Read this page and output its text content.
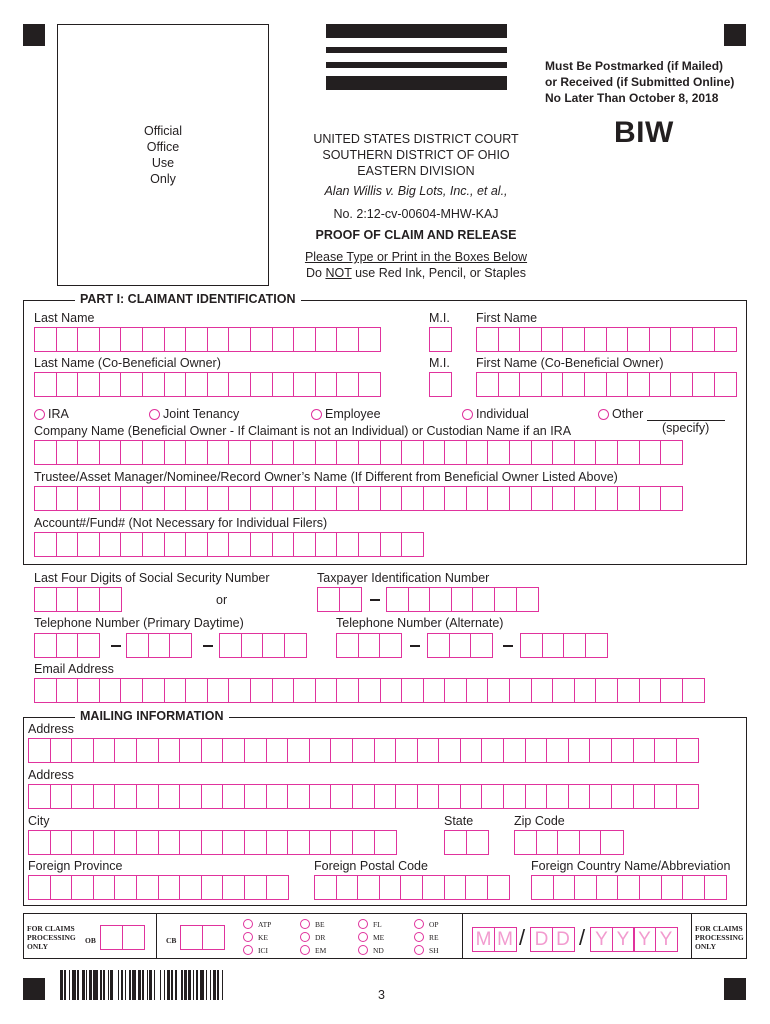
Official
Office
Use
Only
Must Be Postmarked (if Mailed)
or Received (if Submitted Online)
No Later Than October 8, 2018
BIW
UNITED STATES DISTRICT COURT
SOUTHERN DISTRICT OF OHIO
EASTERN DIVISION
Alan Willis v. Big Lots, Inc., et al.,
No. 2:12-cv-00604-MHW-KAJ
PROOF OF CLAIM AND RELEASE
Please Type or Print in the Boxes Below
Do NOT use Red Ink, Pencil, or Staples
PART I: CLAIMANT IDENTIFICATION
Last Name	M.I. First Name
Last Name (Co-Beneficial Owner)	M.I. First Name (Co-Beneficial Owner)
IRA	Joint Tenancy	Employee	Individual	Other
(specify)
Company Name (Beneficial Owner - If Claimant is not an Individual) or Custodian Name if an IRA
Trustee/Asset Manager/Nominee/Record Owner’s Name (If Different from Beneficial Owner Listed Above)
Account#/Fund# (Not Necessary for Individual Filers)
Last Four Digits of Social Security Number
or
Taxpayer Identification Number
Telephone Number (Primary Daytime)	Telephone Number (Alternate)
Email Address
MAILING INFORMATION
Address
Address
City	State	Zip Code
Foreign Province	Foreign Postal Code	Foreign Country Name/Abbreviation
FOR CLAIMS
PROCESSING
ONLY
OB	CB
ATP
KE
ICI
BE
DR
EM
FL
ME
ND
OP
RE
SH M M / D D / Y Y Y Y
FOR CLAIMS
PROCESSING
ONLY
3
